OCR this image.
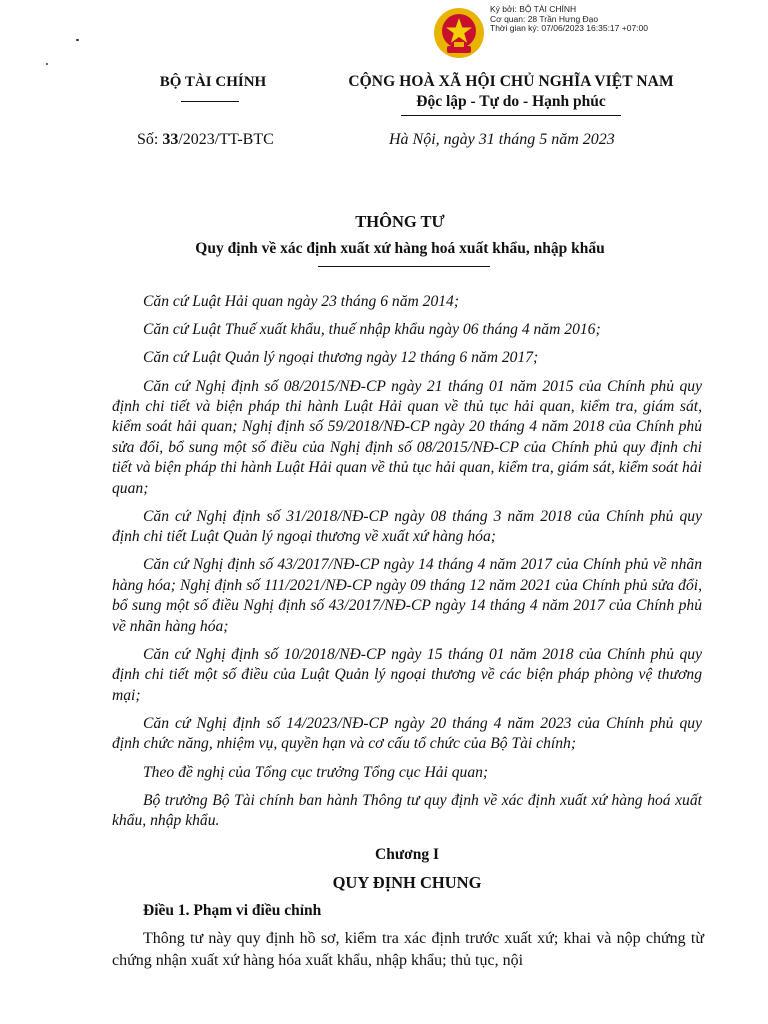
Ký bởi: BỘ TÀI CHÍNH
Cơ quan: 28 Trần Hưng Đạo
Thời gian ký: 07/06/2023 16:35:17 +07:00
BỘ TÀI CHÍNH	CỘNG HOÀ XÃ HỘI CHỦ NGHĨA VIỆT NAM
Độc lập - Tự do - Hạnh phúc
Số: 33/2023/TT-BTC	Hà Nội, ngày 31 tháng 5 năm 2023
THÔNG TƯ
Quy định về xác định xuất xứ hàng hoá xuất khẩu, nhập khẩu

Căn cứ Luật Hải quan ngày 23 tháng 6 năm 2014;

Căn cứ Luật Thuế xuất khẩu, thuế nhập khẩu ngày 06 tháng 4 năm 2016;

Căn cứ Luật Quản lý ngoại thương ngày 12 tháng 6 năm 2017;

Căn cứ Nghị định số 08/2015/NĐ-CP ngày 21 tháng 01 năm 2015 của Chính phủ quy định chi tiết và biện pháp thi hành Luật Hải quan về thủ tục hải quan, kiểm tra, giám sát, kiểm soát hải quan; Nghị định số 59/2018/NĐ-CP ngày 20 tháng 4 năm 2018 của Chính phủ sửa đổi, bổ sung một số điều của Nghị định số 08/2015/NĐ-CP của Chính phủ quy định chi tiết và biện pháp thi hành Luật Hải quan về thủ tục hải quan, kiểm tra, giám sát, kiểm soát hải quan;

Căn cứ Nghị định số 31/2018/NĐ-CP ngày 08 tháng 3 năm 2018 của Chính phủ quy định chi tiết Luật Quản lý ngoại thương về xuất xứ hàng hóa;

Căn cứ Nghị định số 43/2017/NĐ-CP ngày 14 tháng 4 năm 2017 của Chính phủ về nhãn hàng hóa; Nghị định số 111/2021/NĐ-CP ngày 09 tháng 12 năm 2021 của Chính phủ sửa đổi, bổ sung một số điều Nghị định số 43/2017/NĐ-CP ngày 14 tháng 4 năm 2017 của Chính phủ về nhãn hàng hóa;

Căn cứ Nghị định số 10/2018/NĐ-CP ngày 15 tháng 01 năm 2018 của Chính phủ quy định chi tiết một số điều của Luật Quản lý ngoại thương về các biện pháp phòng vệ thương mại;

Căn cứ Nghị định số 14/2023/NĐ-CP ngày 20 tháng 4 năm 2023 của Chính phủ quy định chức năng, nhiệm vụ, quyền hạn và cơ cấu tổ chức của Bộ Tài chính;

Theo đề nghị của Tổng cục trưởng Tổng cục Hải quan;

Bộ trưởng Bộ Tài chính ban hành Thông tư quy định về xác định xuất xứ hàng hoá xuất khẩu, nhập khẩu.

Chương I
QUY ĐỊNH CHUNG
Điều 1. Phạm vi điều chỉnh
Thông tư này quy định hồ sơ, kiểm tra xác định trước xuất xứ; khai và nộp chứng từ chứng nhận xuất xứ hàng hóa xuất khẩu, nhập khẩu; thủ tục, nội
